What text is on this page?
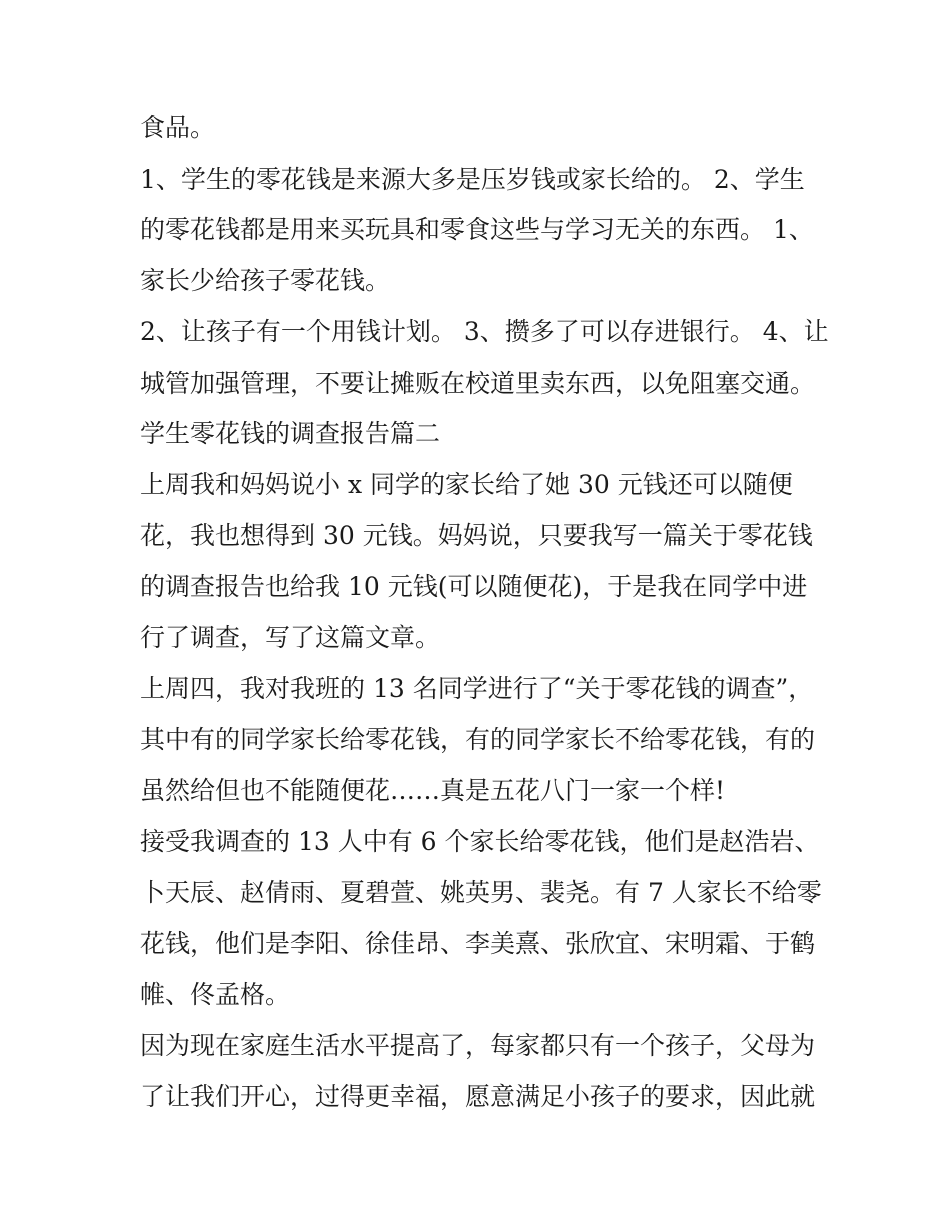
食品。
1、学生的零花钱是来源大多是压岁钱或家长给的。 2、学生
的零花钱都是用来买玩具和零食这些与学习无关的东西。 1、
家长少给孩子零花钱。
2、让孩子有一个用钱计划。 3、攒多了可以存进银行。 4、让
城管加强管理，不要让摊贩在校道里卖东西，以免阻塞交通。
学生零花钱的调查报告篇二
上周我和妈妈说小 x 同学的家长给了她 30 元钱还可以随便
花，我也想得到 30 元钱。妈妈说，只要我写一篇关于零花钱
的调查报告也给我 10 元钱(可以随便花)，于是我在同学中进
行了调查，写了这篇文章。
上周四，我对我班的 13 名同学进行了“关于零花钱的调查”，
其中有的同学家长给零花钱，有的同学家长不给零花钱，有的
虽然给但也不能随便花……真是五花八门一家一个样!
接受我调查的 13 人中有 6 个家长给零花钱，他们是赵浩岩、
卜天辰、赵倩雨、夏碧萱、姚英男、裴尧。有 7 人家长不给零
花钱，他们是李阳、徐佳昂、李美熹、张欣宜、宋明霜、于鹤
帷、佟孟格。
因为现在家庭生活水平提高了，每家都只有一个孩子，父母为
了让我们开心，过得更幸福，愿意满足小孩子的要求，因此就
